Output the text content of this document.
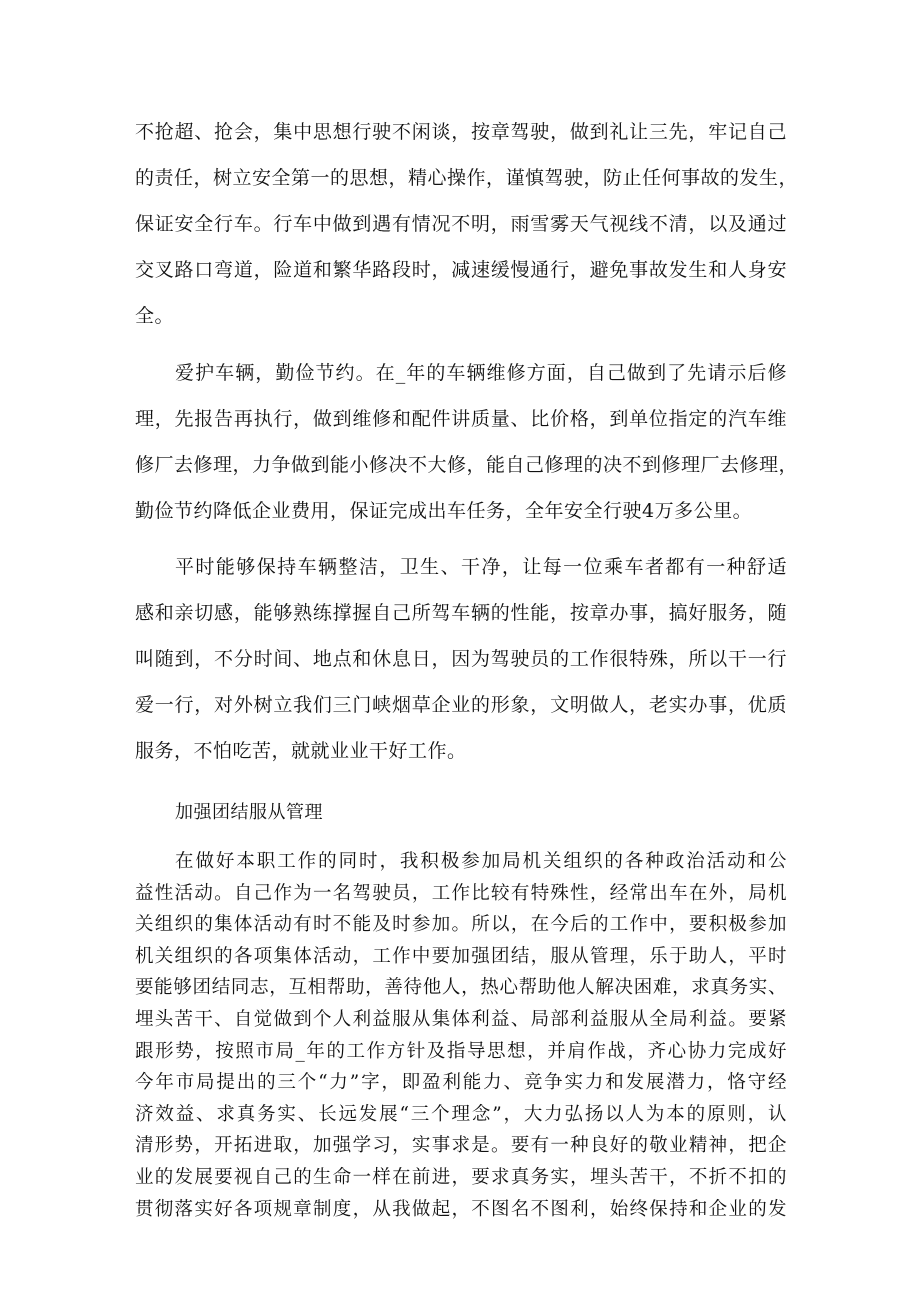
不抢超、抢会，集中思想行驶不闲谈，按章驾驶，做到礼让三先，牢记自己
的责任，树立安全第一的思想，精心操作，谨慎驾驶，防止任何事故的发生，
保证安全行车。行车中做到遇有情况不明，雨雪雾天气视线不清，以及通过
交叉路口弯道，险道和繁华路段时，减速缓慢通行，避免事故发生和人身安
全。
爱护车辆，勤俭节约。在_年的车辆维修方面，自己做到了先请示后修
理，先报告再执行，做到维修和配件讲质量、比价格，到单位指定的汽车维
修厂去修理，力争做到能小修决不大修，能自己修理的决不到修理厂去修理，
勤俭节约降低企业费用，保证完成出车任务，全年安全行驶4万多公里。
平时能够保持车辆整洁，卫生、干净，让每一位乘车者都有一种舒适
感和亲切感，能够熟练撑握自己所驾车辆的性能，按章办事，搞好服务，随
叫随到，不分时间、地点和休息日，因为驾驶员的工作很特殊，所以干一行
爱一行，对外树立我们三门峡烟草企业的形象，文明做人，老实办事，优质
服务，不怕吃苦，就就业业干好工作。
加强团结服从管理
在做好本职工作的同时，我积极参加局机关组织的各种政治活动和公
益性活动。自己作为一名驾驶员，工作比较有特殊性，经常出车在外，局机
关组织的集体活动有时不能及时参加。所以，在今后的工作中，要积极参加
机关组织的各项集体活动，工作中要加强团结，服从管理，乐于助人，平时
要能够团结同志，互相帮助，善待他人，热心帮助他人解决困难，求真务实、
埋头苦干、自觉做到个人利益服从集体利益、局部利益服从全局利益。要紧
跟形势，按照市局_年的工作方针及指导思想，并肩作战，齐心协力完成好
今年市局提出的三个“力”字，即盈利能力、竞争实力和发展潜力，恪守经
济效益、求真务实、长远发展“三个理念”，大力弘扬以人为本的原则，认
清形势，开拓进取，加强学习，实事求是。要有一种良好的敬业精神，把企
业的发展要视自己的生命一样在前进，要求真务实，埋头苦干，不折不扣的
贯彻落实好各项规章制度，从我做起，不图名不图利，始终保持和企业的发
